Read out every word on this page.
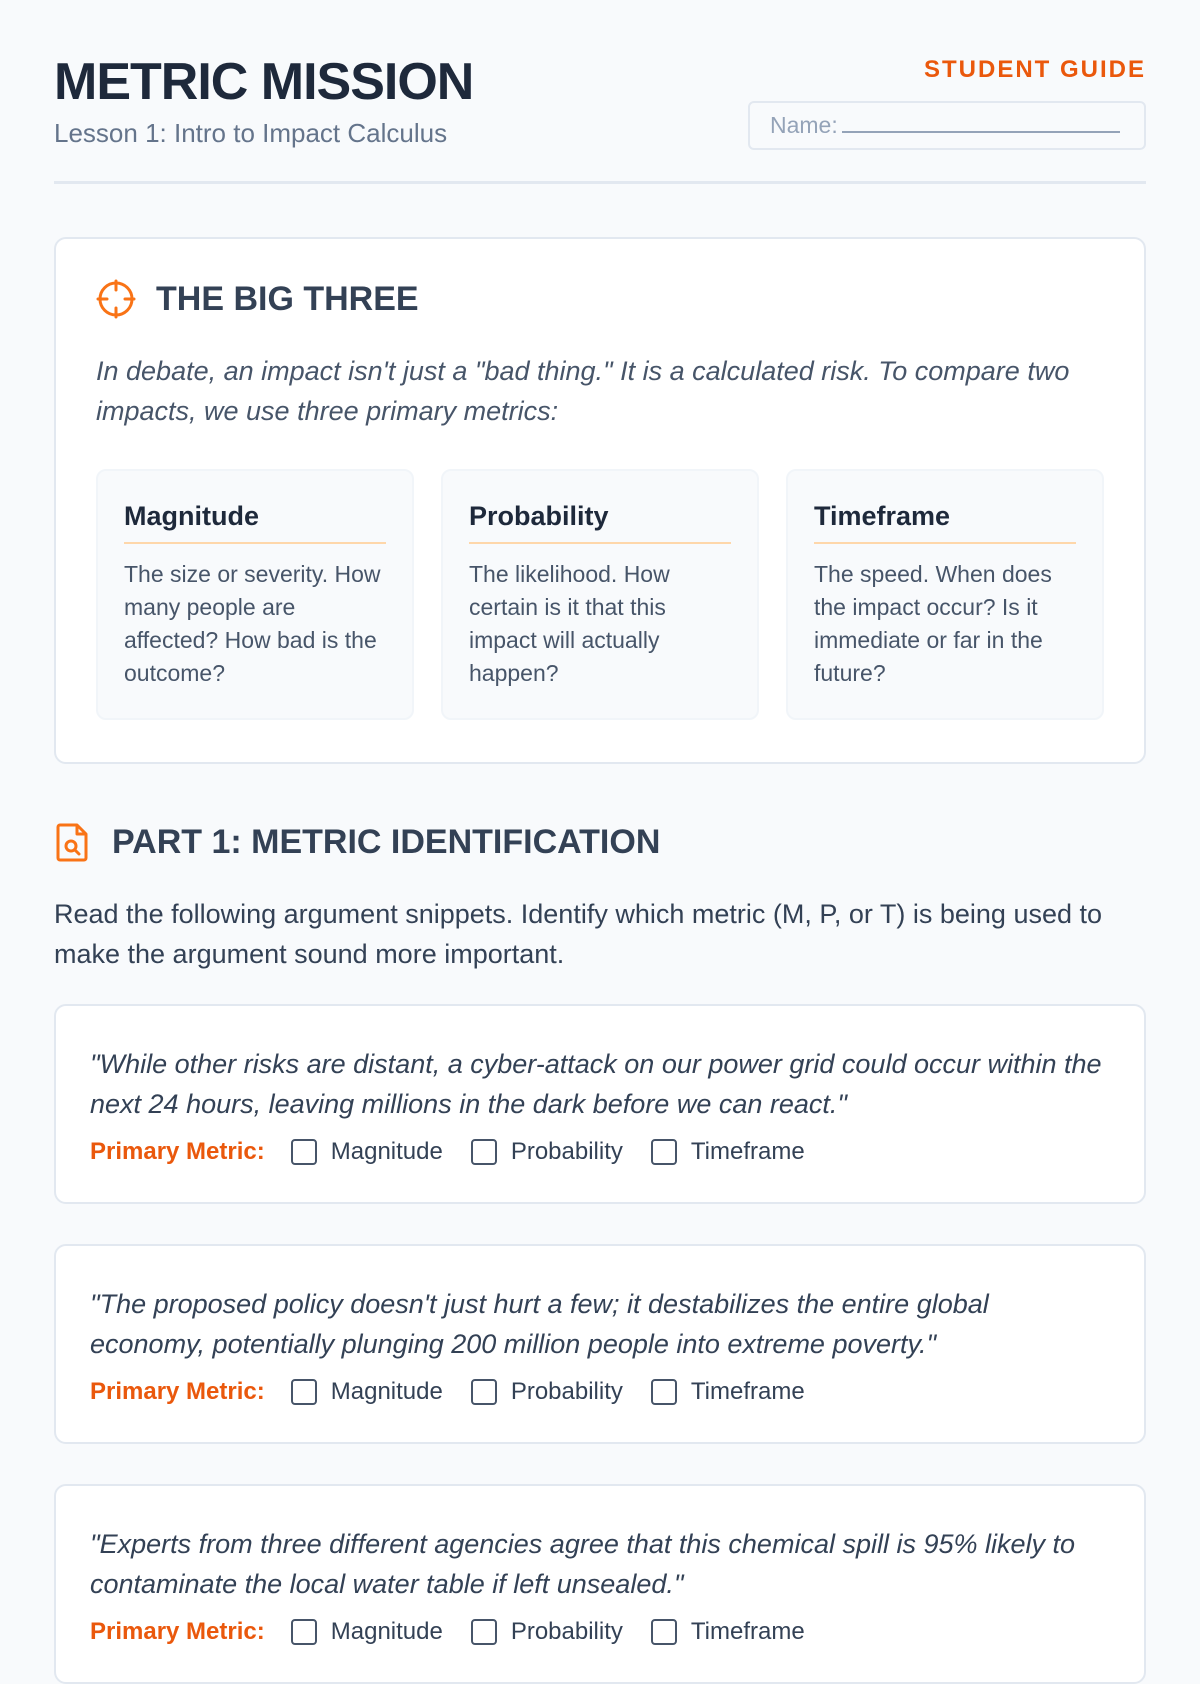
METRIC MISSION
Lesson 1: Intro to Impact Calculus
STUDENT GUIDE
Name:
THE BIG THREE

In debate, an impact isn't just a "bad thing." It is a calculated risk. To compare two impacts, we use three primary metrics:

Magnitude
The size or severity. How many people are affected? How bad is the outcome?
Probability
The likelihood. How certain is it that this impact will actually happen?
Timeframe
The speed. When does the impact occur? Is it immediate or far in the future?
PART 1: METRIC IDENTIFICATION

Read the following argument snippets. Identify which metric (M, P, or T) is being used to make the argument sound more important.

"While other risks are distant, a cyber-attack on our power grid could occur within the next 24 hours, leaving millions in the dark before we can react."

Primary Metric:	Magnitude	Probability	Timeframe

"The proposed policy doesn't just hurt a few; it destabilizes the entire global economy, potentially plunging 200 million people into extreme poverty."

Primary Metric:	Magnitude	Probability	Timeframe

"Experts from three different agencies agree that this chemical spill is 95% likely to contaminate the local water table if left unsealed."

Primary Metric:	Magnitude	Probability	Timeframe
